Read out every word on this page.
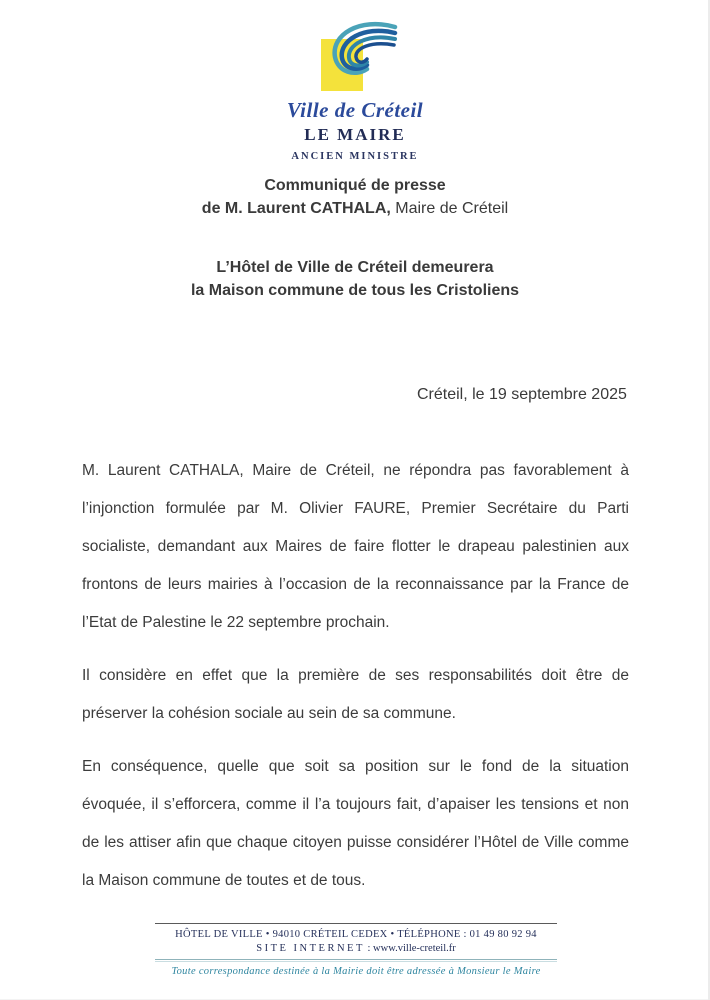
Ville de Créteil
LE MAIRE
ANCIEN MINISTRE
Communiqué de presse
de M. Laurent CATHALA, Maire de Créteil
L’Hôtel de Ville de Créteil demeurera
la Maison commune de tous les Cristoliens
Créteil, le 19 septembre 2025

M. Laurent CATHALA, Maire de Créteil, ne répondra pas favorablement à l’injonction formulée par M. Olivier FAURE, Premier Secrétaire du Parti socialiste, demandant aux Maires de faire flotter le drapeau palestinien aux frontons de leurs mairies à l’occasion de la reconnaissance par la France de l’Etat de Palestine le 22 septembre prochain.

Il considère en effet que la première de ses responsabilités doit être de préserver la cohésion sociale au sein de sa commune.

En conséquence, quelle que soit sa position sur le fond de la situation évoquée, il s’efforcera, comme il l’a toujours fait, d’apaiser les tensions et non de les attiser afin que chaque citoyen puisse considérer l’Hôtel de Ville comme la Maison commune de toutes et de tous.

HÔTEL DE VILLE • 94010 CRÉTEIL CEDEX • TÉLÉPHONE : 01 49 80 92 94
SITE INTERNET : www.ville-creteil.fr
Toute correspondance destinée à la Mairie doit être adressée à Monsieur le Maire
